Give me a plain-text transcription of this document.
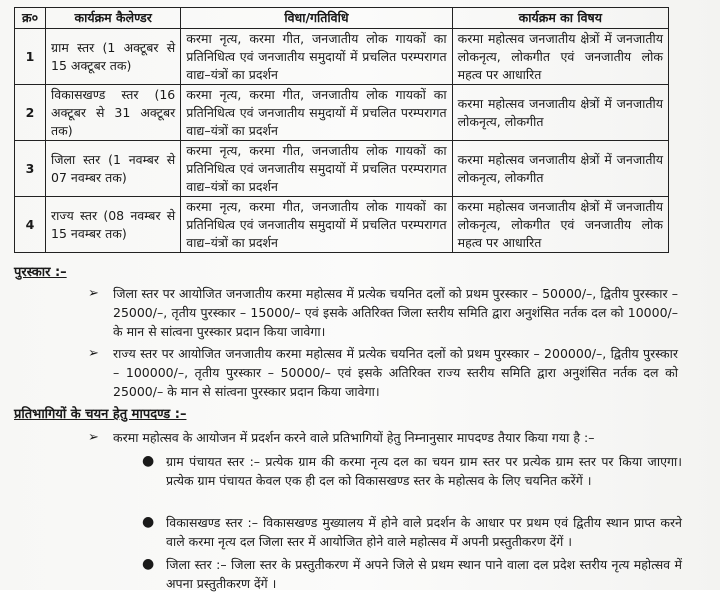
क्र०	कार्यक्रम कैलेण्डर	विधा/गतिविधि	कार्यक्रम का विषय
1	ग्राम स्तर (1 अक्टूबर से 15 अक्टूबर तक)	करमा नृत्य, करमा गीत, जनजातीय लोक गायकों का प्रतिनिधित्व एवं जनजातीय समुदायों में प्रचलित परम्परागत वाद्य–यंत्रों का प्रदर्शन	करमा महोत्सव जनजातीय क्षेत्रों में जनजातीय लोकनृत्य, लोकगीत एवं जनजातीय लोक महत्व पर आधारित
2	विकासखण्ड स्तर (16 अक्टूबर से 31 अक्टूबर तक)	करमा नृत्य, करमा गीत, जनजातीय लोक गायकों का प्रतिनिधित्व एवं जनजातीय समुदायों में प्रचलित परम्परागत वाद्य–यंत्रों का प्रदर्शन	करमा महोत्सव जनजातीय क्षेत्रों में जनजातीय लोकनृत्य, लोकगीत
3	जिला स्तर (1 नवम्बर से 07 नवम्बर तक)	करमा नृत्य, करमा गीत, जनजातीय लोक गायकों का प्रतिनिधित्व एवं जनजातीय समुदायों में प्रचलित परम्परागत वाद्य–यंत्रों का प्रदर्शन	करमा महोत्सव जनजातीय क्षेत्रों में जनजातीय लोकनृत्य, लोकगीत
4	राज्य स्तर (08 नवम्बर से 15 नवम्बर तक)	करमा नृत्य, करमा गीत, जनजातीय लोक गायकों का प्रतिनिधित्व एवं जनजातीय समुदायों में प्रचलित परम्परागत वाद्य–यंत्रों का प्रदर्शन	करमा महोत्सव जनजातीय क्षेत्रों में जनजातीय लोकनृत्य, लोकगीत एवं जनजातीय लोक महत्व पर आधारित
पुरस्कार :–
➢ जिला स्तर पर आयोजित जनजातीय करमा महोत्सव में प्रत्येक चयनित दलों को प्रथम पुरस्कार – 50000/–, द्वितीय पुरस्कार – 25000/–, तृतीय पुरस्कार – 15000/– एवं इसके अतिरिक्त जिला स्तरीय समिति द्वारा अनुशंसित नर्तक दल को 10000/– के मान से सांत्वना पुरस्कार प्रदान किया जावेगा।
➢ राज्य स्तर पर आयोजित जनजातीय करमा महोत्सव में प्रत्येक चयनित दलों को प्रथम पुरस्कार – 200000/–, द्वितीय पुरस्कार – 100000/–, तृतीय पुरस्कार – 50000/– एवं इसके अतिरिक्त राज्य स्तरीय समिति द्वारा अनुशंसित नर्तक दल को 25000/– के मान से सांत्वना पुरस्कार प्रदान किया जावेगा।
प्रतिभागियों के चयन हेतु मापदण्ड :–
➢ करमा महोत्सव के आयोजन में प्रदर्शन करने वाले प्रतिभागियों हेतु निम्नानुसार मापदण्ड तैयार किया गया है :–
● ग्राम पंचायत स्तर :– प्रत्येक ग्राम की करमा नृत्य दल का चयन ग्राम स्तर पर प्रत्येक ग्राम स्तर पर किया जाएगा। प्रत्येक ग्राम पंचायत केवल एक ही दल को विकासखण्ड स्तर के महोत्सव के लिए चयनित करेंगें ।
● विकासखण्ड स्तर :– विकासखण्ड मुख्यालय में होने वाले प्रदर्शन के आधार पर प्रथम एवं द्वितीय स्थान प्राप्त करने वाले करमा नृत्य दल जिला स्तर में आयोजित होने वाले महोत्सव में अपनी प्रस्तुतीकरण देंगें ।
● जिला स्तर :– जिला स्तर के प्रस्तुतीकरण में अपने जिले से प्रथम स्थान पाने वाला दल प्रदेश स्तरीय नृत्य महोत्सव में अपना प्रस्तुतीकरण देंगें ।
